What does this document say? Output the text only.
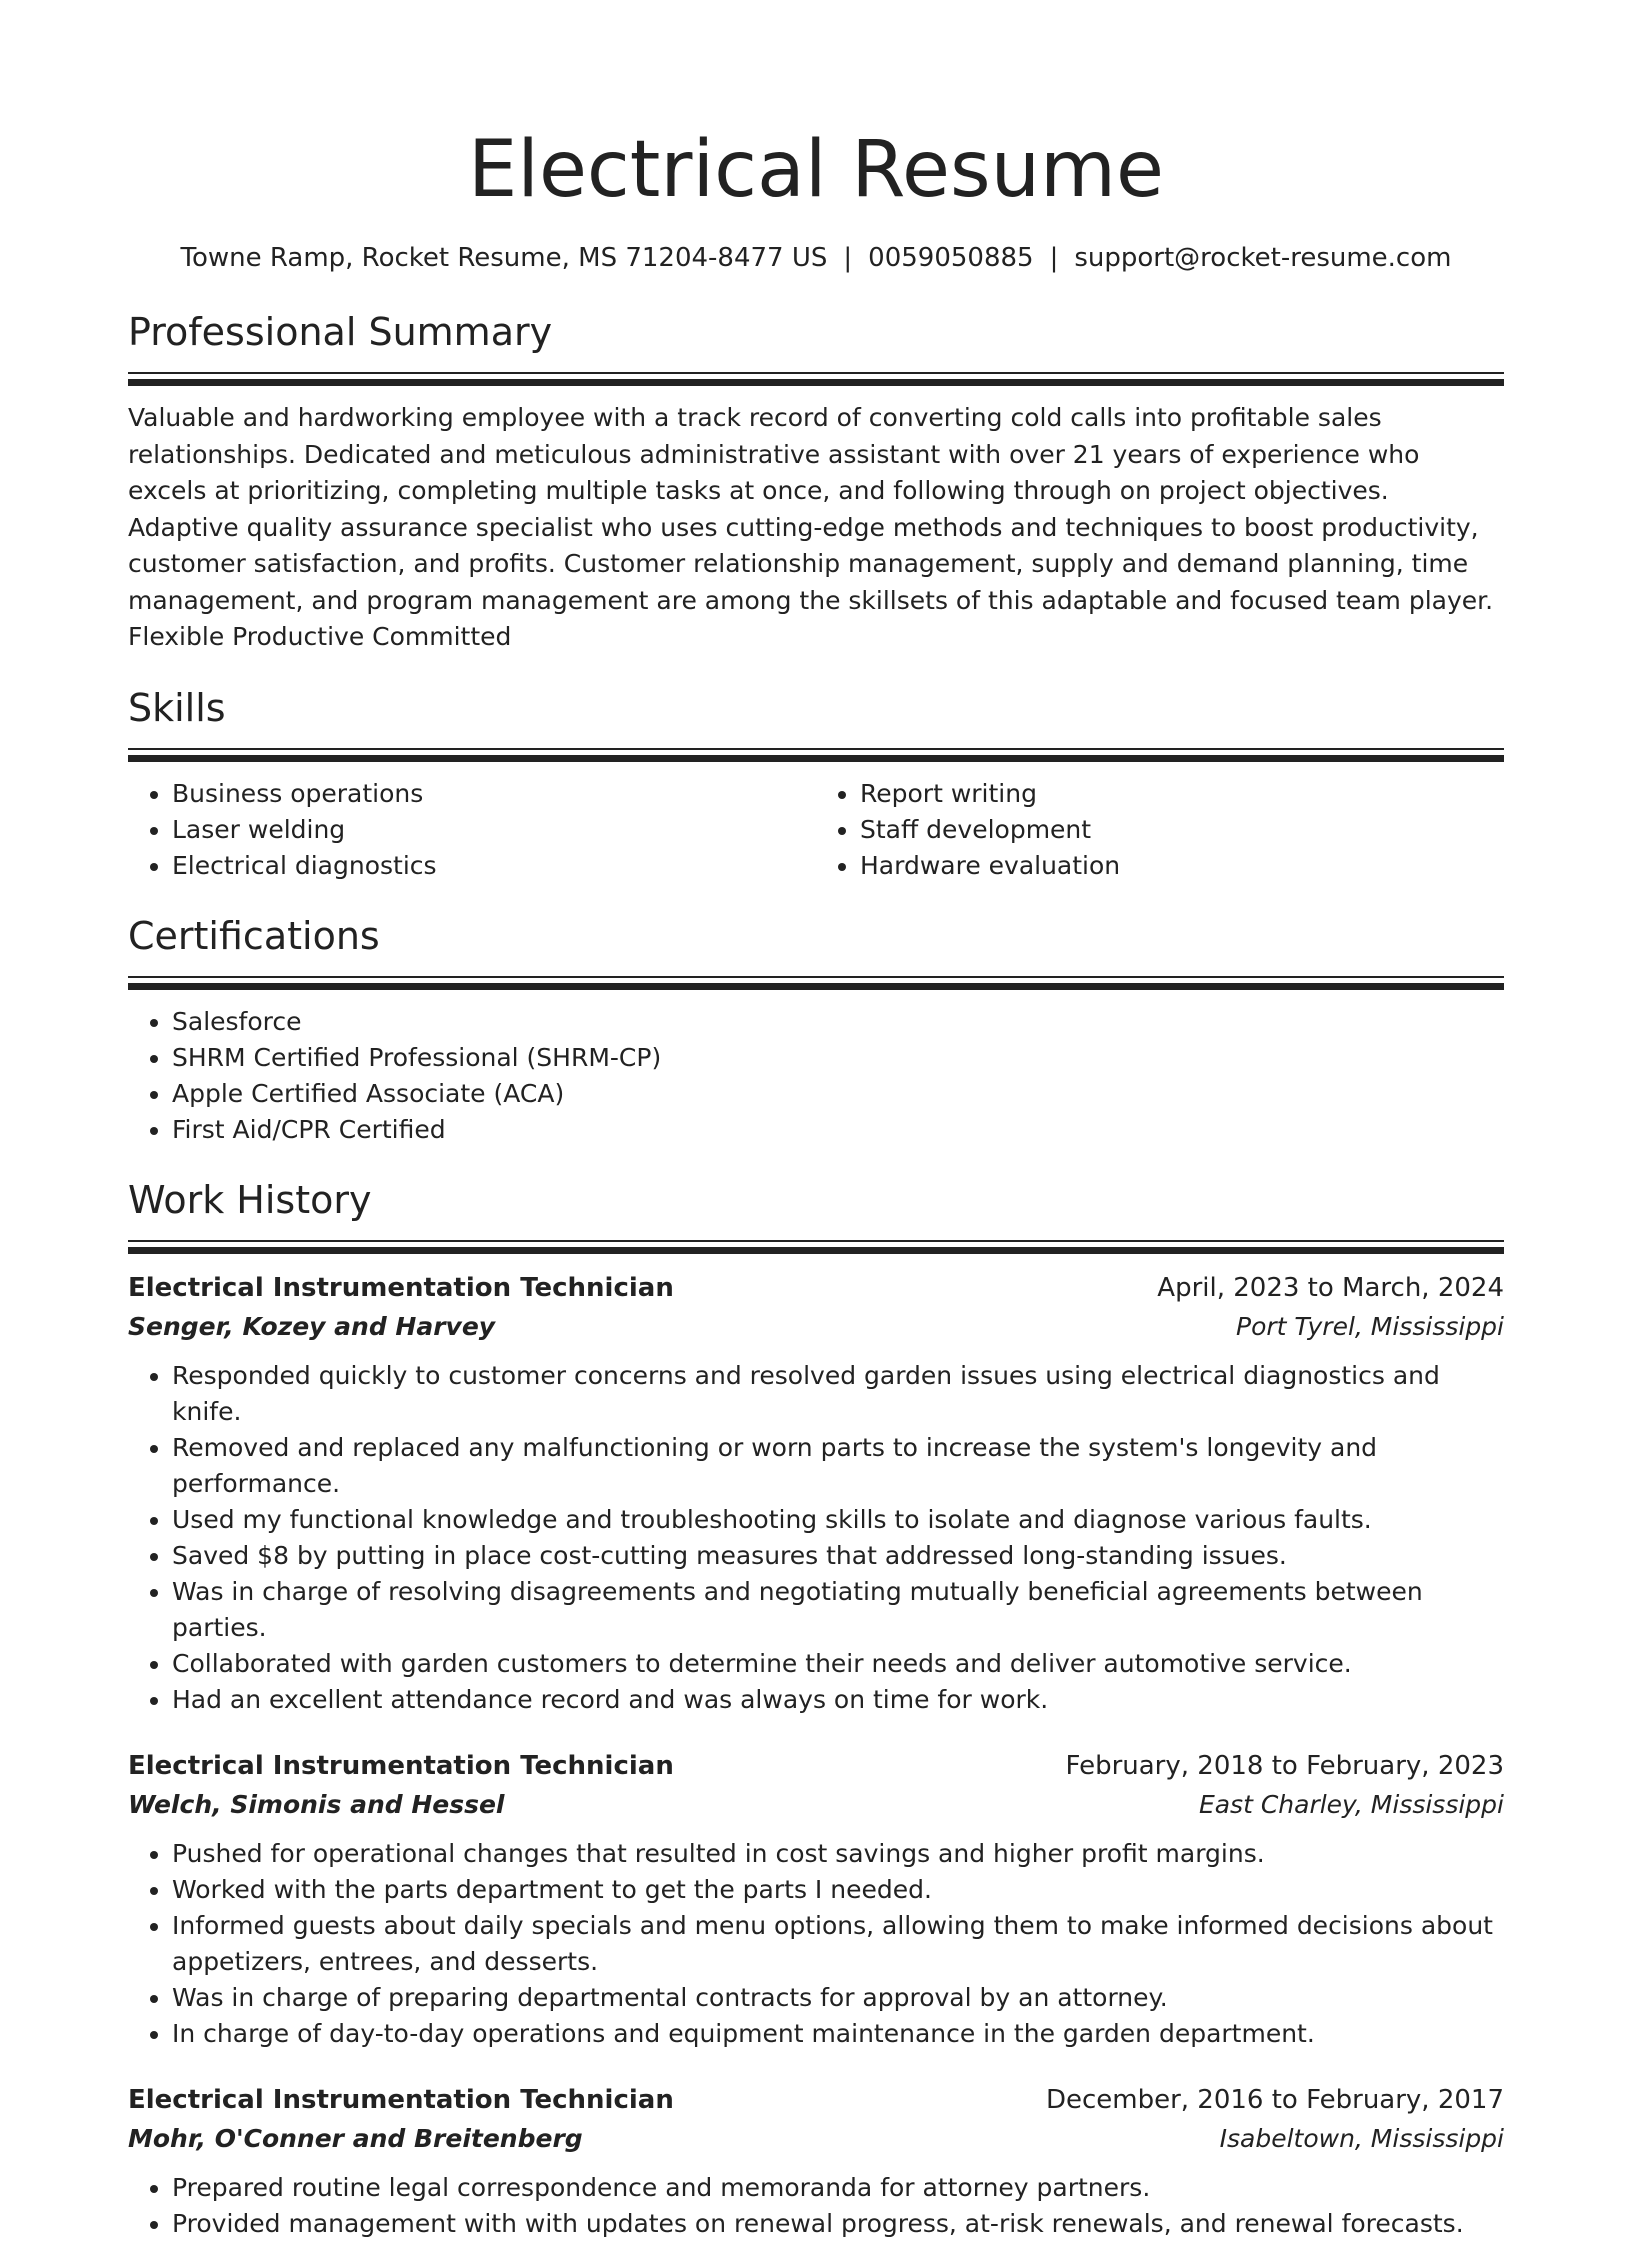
Electrical Resume
Towne Ramp, Rocket Resume, MS 71204-8477 US | 0059050885 | support@rocket-resume.com
Professional Summary

Valuable and hardworking employee with a track record of converting cold calls into profitable sales relationships. Dedicated and meticulous administrative assistant with over 21 years of experience who excels at prioritizing, completing multiple tasks at once, and following through on project objectives. Adaptive quality assurance specialist who uses cutting-edge methods and techniques to boost productivity, customer satisfaction, and profits. Customer relationship management, supply and demand planning, time management, and program management are among the skillsets of this adaptable and focused team player. Flexible Productive Committed

Skills
• Business operations
• Laser welding
• Electrical diagnostics
• Report writing
• Staff development
• Hardware evaluation
Certifications
• Salesforce
• SHRM Certified Professional (SHRM-CP)
• Apple Certified Associate (ACA)
• First Aid/CPR Certified
Work History
Electrical Instrumentation Technician	April, 2023 to March, 2024
Senger, Kozey and Harvey	Port Tyrel, Mississippi
• Responded quickly to customer concerns and resolved garden issues using electrical diagnostics and knife.
• Removed and replaced any malfunctioning or worn parts to increase the system's longevity and performance.
• Used my functional knowledge and troubleshooting skills to isolate and diagnose various faults.
• Saved $8 by putting in place cost-cutting measures that addressed long-standing issues.
• Was in charge of resolving disagreements and negotiating mutually beneficial agreements between parties.
• Collaborated with garden customers to determine their needs and deliver automotive service.
• Had an excellent attendance record and was always on time for work.
Electrical Instrumentation Technician	February, 2018 to February, 2023
Welch, Simonis and Hessel	East Charley, Mississippi
• Pushed for operational changes that resulted in cost savings and higher profit margins.
• Worked with the parts department to get the parts I needed.
• Informed guests about daily specials and menu options, allowing them to make informed decisions about appetizers, entrees, and desserts.
• Was in charge of preparing departmental contracts for approval by an attorney.
• In charge of day-to-day operations and equipment maintenance in the garden department.
Electrical Instrumentation Technician	December, 2016 to February, 2017
Mohr, O'Conner and Breitenberg	Isabeltown, Mississippi
• Prepared routine legal correspondence and memoranda for attorney partners.
• Provided management with with updates on renewal progress, at-risk renewals, and renewal forecasts.
